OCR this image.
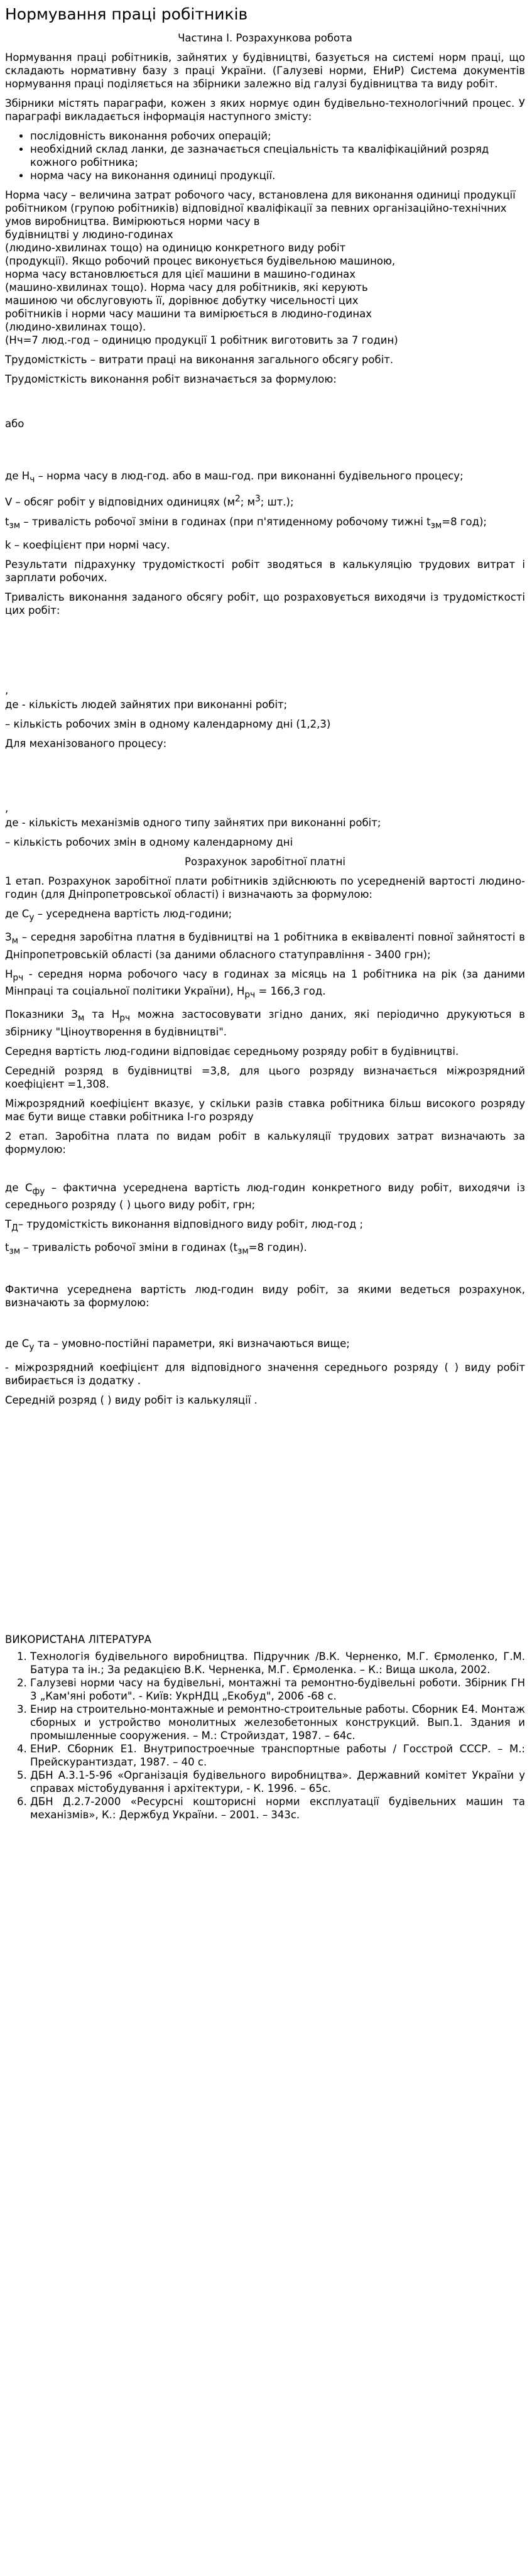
Нормування праці робітників

Частина І. Розрахункова робота

Нормування праці робітників, зайнятих у будівництві, базується на системі норм праці, що складають нормативну базу з праці України. (Галузеві норми, ЕНиР) Система документів нормування праці поділяється на збірники залежно від галузі будівництва та виду робіт.

Збірники містять параграфи, кожен з яких нормує один будівельно-технологічний процес. У параграфі викладається інформація наступного змісту:

• послідовність виконання робочих операцій;
• необхідний склад ланки, де зазначається спеціальність та кваліфікаційний розряд кожного робітника;
• норма часу на виконання одиниці продукції.

Норма часу – величина затрат робочого часу, встановлена для виконання одиниці продукції робітником (групою робітників) відповідної кваліфікації за певних організаційно-технічних умов виробництва. Вимірюються норми часу в
будівництві у людино-годинах
(людино-хвилинах тощо) на одиницю конкретного виду робіт
(продукції). Якщо робочий процес виконується будівельною машиною,
норма часу встановлюється для цієї машини в машино-годинах
(машино-хвилинах тощо). Норма часу для робітників, які керують
машиною чи обслуговують її, дорівнює добутку чисельності цих
робітників і норми часу машини та вимірюється в людино-годинах
(людино-хвилинах тощо).

(Нч=7 люд.-год – одиницю продукції 1 робітник виготовить за 7 годин)

Трудомісткість – витрати праці на виконання загального обсягу робіт.

Трудомісткість виконання робіт визначається за формулою:

або

де $Н_ч$ – норма часу в люд-год. або в маш-год. при виконанні будівельного процесу;

V – обсяг робіт у відповідних одиницях ($м^2$; $м^3$; шт.);

$t_{зм}$ – тривалість робочої зміни в годинах (при п'ятиденному робочому тижні $t_{зм}=8$ год);

k – коефіцієнт при нормі часу.

Результати підрахунку трудомісткості робіт зводяться в калькуляцію трудових витрат і зарплати робочих.

Тривалість виконання заданого обсягу робіт, що розраховується виходячи із трудомісткості цих робіт:

,

де - кількість людей зайнятих при виконанні робіт;

– кількість робочих змін в одному календарному дні (1,2,3)

Для механізованого процесу:

,

де - кількість механізмів одного типу зайнятих при виконанні робіт;

– кількість робочих змін в одному календарному дні

Розрахунок заробітної платні

1 етап. Розрахунок заробітної плати робітників здійснюють по усередненій вартості людино-годин (для Дніпропетровської області) і визначають за формулою:

де $С_у$ – усереднена вартість люд-години;

$З_м$ – середня заробітна платня в будівництві на 1 робітника в еквіваленті повної зайнятості в Дніпропетровській області (за даними обласного статуправління - 3400 грн);

$Н_{рч}$ - середня норма робочого часу в годинах за місяць на 1 робітника на рік (за даними Мінпраці та соціальної політики України), $Н_{рч} = 166,3$ год.

Показники $З_м$ та $Н_{рч}$ можна застосовувати згідно даних, які періодично друкуються в збірнику "Ціноутворення в будівництві".

Середня вартість люд-години відповідає середньому розряду робіт в будівництві.

Середній розряд в будівництві =3,8, для цього розряду визначається міжрозрядний коефіцієнт =1,308.

Міжрозрядний коефіцієнт вказує, у скільки разів ставка робітника більш високого розряду має бути вище ставки робітника І-го розряду

2 етап. Заробітна плата по видам робіт в калькуляції трудових затрат визначають за формулою:

де $С_{фу}$ – фактична усереднена вартість люд-годин конкретного виду робіт, виходячи із середнього розряду ( ) цього виду робіт, грн;

$Т_Д-$ трудомісткість виконання відповідного виду робіт, люд-год ;

$t_{зм}$ – тривалість робочої зміни в годинах ($t_{зм}=8$ годин).

Фактична усереднена вартість люд-годин виду робіт, за якими ведеться розрахунок, визначають за формулою:

де $С_у$ та – умовно-постійні параметри, які визначаються вище;

- міжрозрядний коефіцієнт для відповідного значення середнього розряду ( ) виду робіт вибирається із додатку .

Середній розряд ( ) виду робіт із калькуляції .

ВИКОРИСТАНА ЛІТЕРАТУРА

1. Технологія будівельного виробництва. Підручник /В.К. Черненко, М.Г. Єрмоленко, Г.М. Батура та ін.; За редакцією В.К. Черненка, М.Г. Єрмоленка. – К.: Вища школа, 2002.
2. Галузеві норми часу на будівельні, монтажні та ремонтно-будівельні роботи. Збірник ГН 3 „Кам'яні роботи". - Київ: УкрНДЦ „Екобуд", 2006 -68 с.
3. Енир на строительно-монтажные и ремонтно-строительные работы. Сборник Е4. Монтаж сборных и устройство монолитных железобетонных конструкций. Вып.1. Здания и промышленные сооружения. – М.: Стройиздат, 1987. – 64с.
4. ЕНиР. Сборник Е1. Внутрипостроечные транспортные работы / Госстрой СССР. – М.: Прейскурантиздат, 1987. – 40 с.
5. ДБН А.3.1-5-96 «Організація будівельного виробництва». Державний комітет України у справах містобудування і архітектури, - К. 1996. – 65с.
6. ДБН Д.2.7-2000 «Ресурсні кошторисні норми експлуатації будівельних машин та механізмів», К.: Держбуд України. – 2001. – 343с.
